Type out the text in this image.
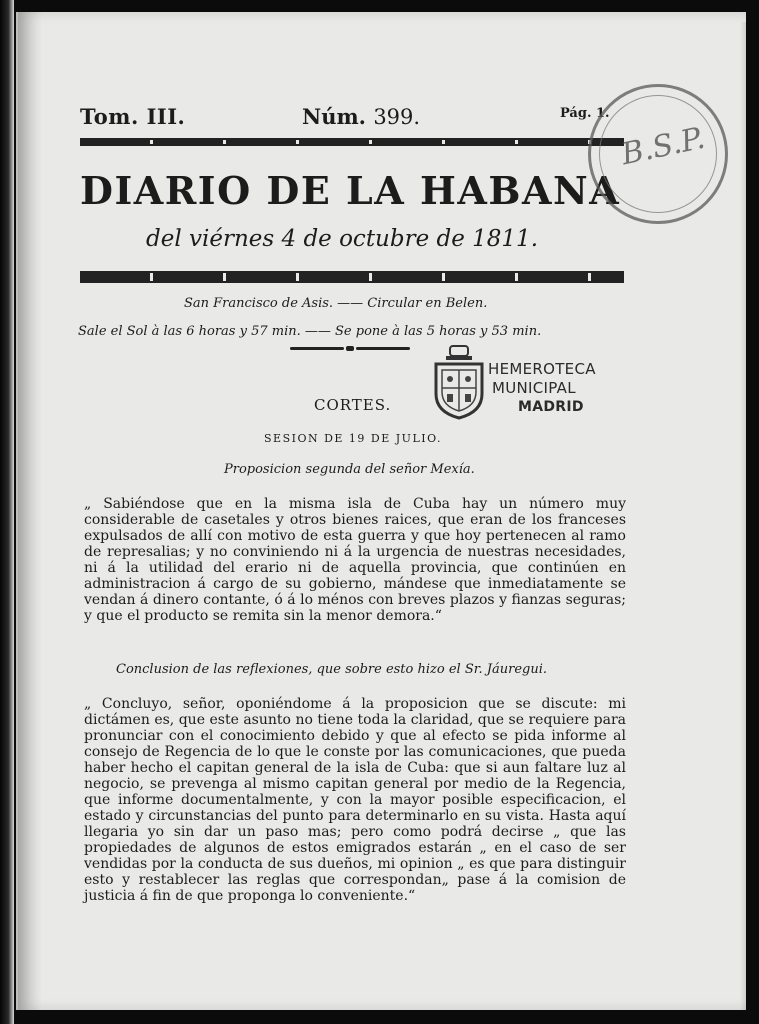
Tom. III.	Núm. 399.	Pág. 1.
DIARIO DE LA HABANA
del viérnes 4 de octubre de 1811.
San Francisco de Asis. —— Circular en Belen.
Sale el Sol à las 6 horas y 57 min. —— Se pone à las 5 horas y 53 min.
B.S.P.
HEMEROTECA
MUNICIPAL
MADRID
CORTES.
SESION DE 19 DE JULIO.
Proposicion segunda del señor Mexía.

„ Sabiéndose que en la misma isla de Cuba hay un número muy considerable de casetales y otros bienes raices, que eran de los franceses expulsados de allí con motivo de esta guerra y que hoy pertenecen al ramo de represalias; y no conviniendo ni á la urgencia de nuestras necesidades, ni á la utilidad del erario ni de aquella provincia, que continúen en administracion á cargo de su gobierno, mándese que inmediatamente se vendan á dinero contante, ó á lo ménos con breves plazos y fianzas seguras; y que el producto se remita sin la menor demora.“

Conclusion de las reflexiones, que sobre esto hizo el Sr. Jáuregui.

„ Concluyo, señor, oponiéndome á la proposicion que se discute: mi dictámen es, que este asunto no tiene toda la claridad, que se requiere para pronunciar con el conocimiento debido y que al efecto se pida informe al consejo de Regencia de lo que le conste por las comunicaciones, que pueda haber hecho el capitan general de la isla de Cuba: que si aun faltare luz al negocio, se prevenga al mismo capitan general por medio de la Regencia, que informe documentalmente, y con la mayor posible especificacion, el estado y circunstancias del punto para determinarlo en su vista. Hasta aquí llegaria yo sin dar un paso mas; pero como podrá decirse „ que las propiedades de algunos de estos emigrados estarán „ en el caso de ser vendidas por la conducta de sus dueños, mi opinion „ es que para distinguir esto y restablecer las reglas que correspondan„ pase á la comision de justicia á fin de que proponga lo conveniente.“
